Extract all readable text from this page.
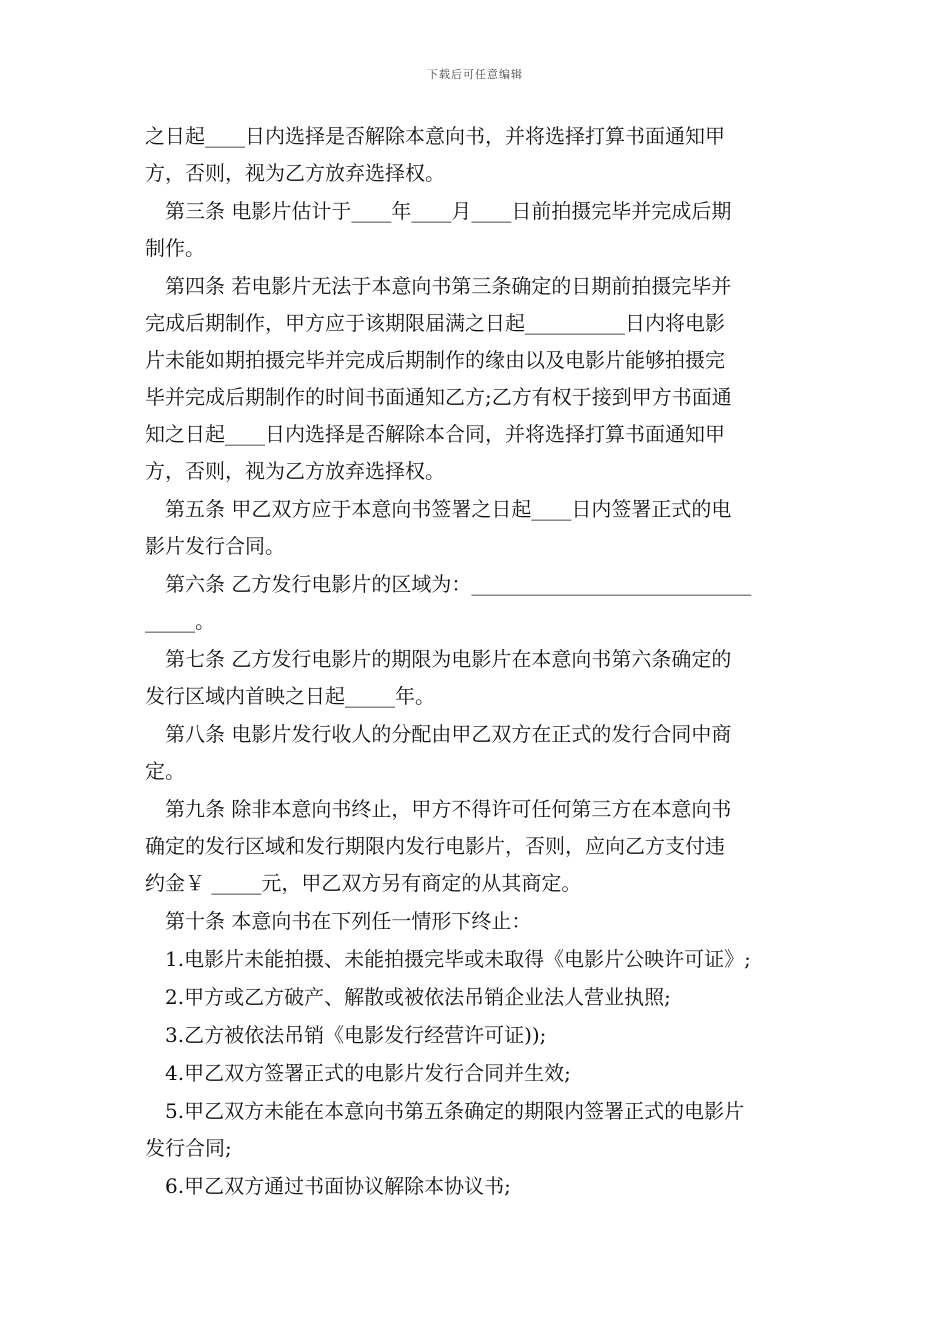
下载后可任意编辑

之日起____日内选择是否解除本意向书，并将选择打算书面通知甲
方，否则，视为乙方放弃选择权。

　第三条 电影片估计于____年____月____日前拍摄完毕并完成后期
制作。

　第四条 若电影片无法于本意向书第三条确定的日期前拍摄完毕并
完成后期制作，甲方应于该期限届满之日起__________日内将电影
片未能如期拍摄完毕并完成后期制作的缘由以及电影片能够拍摄完
毕并完成后期制作的时间书面通知乙方;乙方有权于接到甲方书面通
知之日起____日内选择是否解除本合同，并将选择打算书面通知甲
方，否则，视为乙方放弃选择权。

　第五条 甲乙双方应于本意向书签署之日起____日内签署正式的电
影片发行合同。

　第六条 乙方发行电影片的区域为：____________________________
_____。

　第七条 乙方发行电影片的期限为电影片在本意向书第六条确定的
发行区域内首映之日起_____年。

　第八条 电影片发行收人的分配由甲乙双方在正式的发行合同中商
定。

　第九条 除非本意向书终止，甲方不得许可任何第三方在本意向书
确定的发行区域和发行期限内发行电影片，否则，应向乙方支付违
约金￥ _____元，甲乙双方另有商定的从其商定。

　第十条 本意向书在下列任一情形下终止：

　1.电影片未能拍摄、未能拍摄完毕或未取得《电影片公映许可证》;

　2.甲方或乙方破产、解散或被依法吊销企业法人营业执照;

　3.乙方被依法吊销《电影发行经营许可证));

　4.甲乙双方签署正式的电影片发行合同并生效;

　5.甲乙双方未能在本意向书第五条确定的期限内签署正式的电影片
发行合同;

　6.甲乙双方通过书面协议解除本协议书;
